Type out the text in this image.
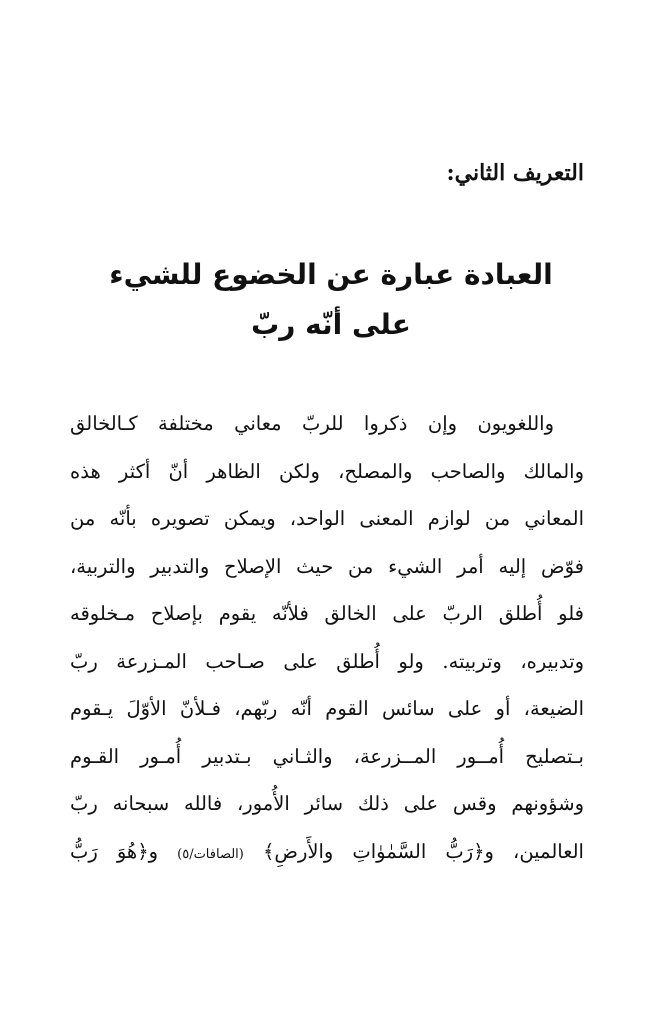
التعريف الثاني:
العبادة عبارة عن الخضوع للشيء
على أنّه ربّ
واللغويون وإن ذكروا للربّ معاني مختلفة كـالخالق
والمالك والصاحب والمصلح، ولكن الظاهر أنّ أكثر هذه
المعاني من لوازم المعنى الواحد، ويمكن تصويره بأنّه من
فوّض إليه أمر الشيء من حيث الإصلاح والتدبير والتربية،
فلو أُطلق الربّ على الخالق فلأنّه يقوم بإصلاح مـخلوقه
وتدبيره، وتربيته. ولو أُطلق على صـاحب المـزرعة ربّ
الضيعة، أو على سائس القوم أنّه ربّهم، فـلأنّ الأوّلَ يـقوم
بـتصليح أُمــور المــزرعة، والثـاني بـتدبير أُمـور القـوم
وشؤونهم وقس على ذلك سائر الأُمور، فالله سبحانه ربّ
العالمين، و﴿رَبُّ السَّمٰوٰاتِ والأَرضِ﴾ (الصافات/٥) و﴿هُوَ رَبُّ
